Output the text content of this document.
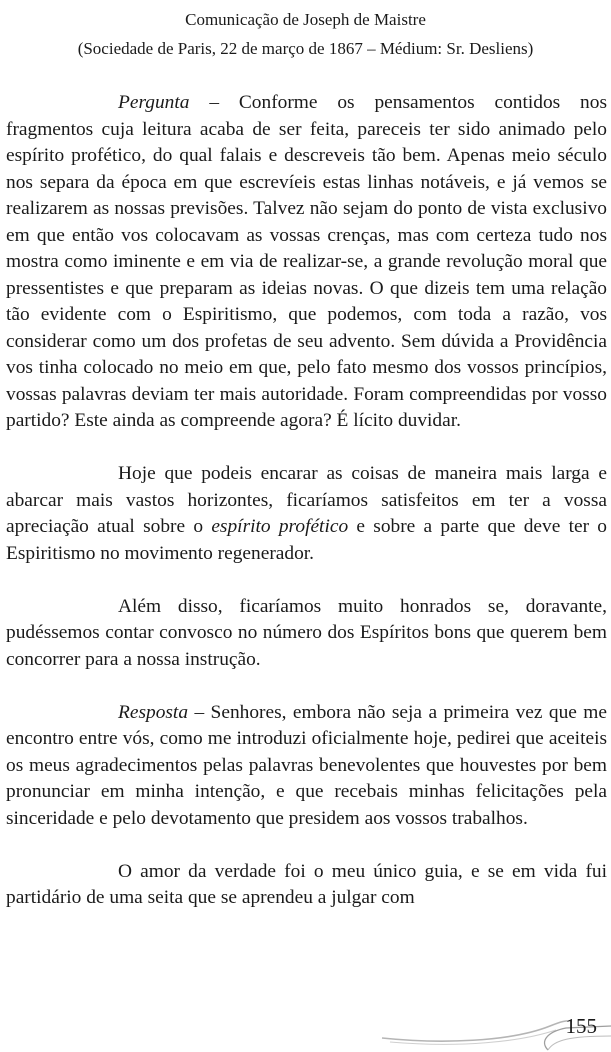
Comunicação de Joseph de Maistre
(Sociedade de Paris, 22 de março de 1867 – Médium: Sr. Desliens)

Pergunta – Conforme os pensamentos contidos nos fragmentos cuja leitura acaba de ser feita, pareceis ter sido animado pelo espírito profético, do qual falais e descreveis tão bem. Apenas meio século nos separa da época em que escrevíeis estas linhas notáveis, e já vemos se realizarem as nossas previsões. Talvez não sejam do ponto de vista exclusivo em que então vos colocavam as vossas crenças, mas com certeza tudo nos mostra como iminente e em via de realizar-se, a grande revolução moral que pressentistes e que preparam as ideias novas. O que dizeis tem uma relação tão evidente com o Espiritismo, que podemos, com toda a razão, vos considerar como um dos profetas de seu advento. Sem dúvida a Providência vos tinha colocado no meio em que, pelo fato mesmo dos vossos princípios, vossas palavras deviam ter mais autoridade. Foram compreendidas por vosso partido? Este ainda as compreende agora? É lícito duvidar.

Hoje que podeis encarar as coisas de maneira mais larga e abarcar mais vastos horizontes, ficaríamos satisfeitos em ter a vossa apreciação atual sobre o espírito profético e sobre a parte que deve ter o Espiritismo no movimento regenerador.

Além disso, ficaríamos muito honrados se, doravante, pudéssemos contar convosco no número dos Espíritos bons que querem bem concorrer para a nossa instrução.

Resposta – Senhores, embora não seja a primeira vez que me encontro entre vós, como me introduzi oficialmente hoje, pedirei que aceiteis os meus agradecimentos pelas palavras benevolentes que houvestes por bem pronunciar em minha intenção, e que recebais minhas felicitações pela sinceridade e pelo devotamento que presidem aos vossos trabalhos.

O amor da verdade foi o meu único guia, e se em vida fui partidário de uma seita que se aprendeu a julgar com

155
